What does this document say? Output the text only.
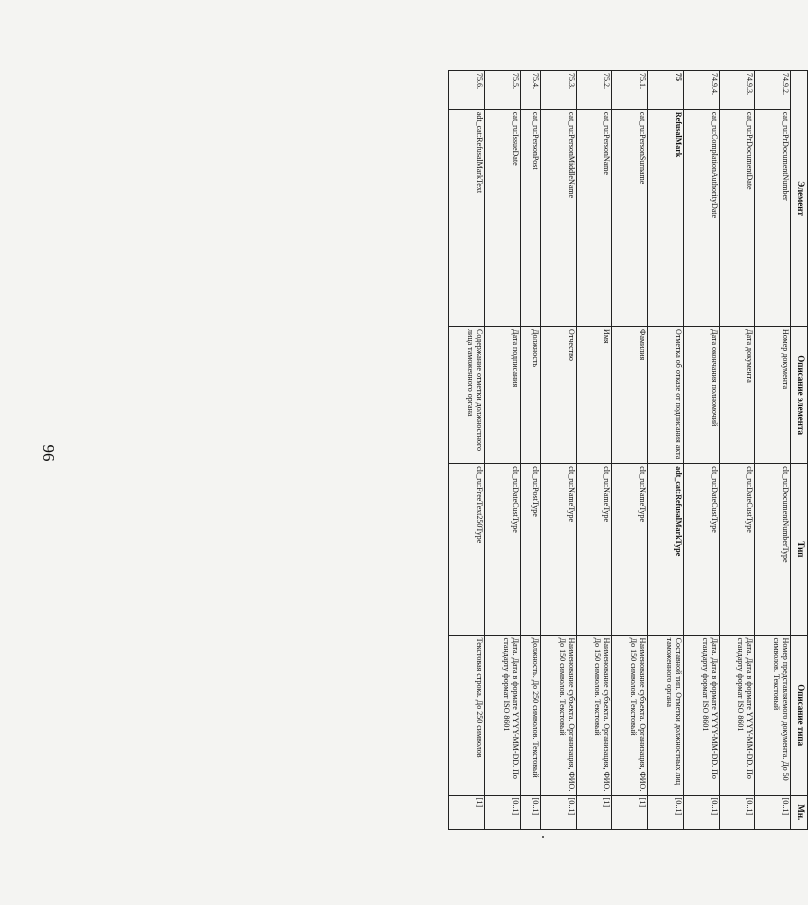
96
Элемент		Описание элемента	Тип	Описание типа	Мн.
74.9.2.	cat_ru:PrDocumentNumber	Номер документа	clt_ru:DocumentNumberType	Номер представляемого документа. До 50 символов. Текстовый	[0..1]
74.9.3.	cat_ru:PrDocumentDate	Дата документа	clt_ru:DateCustType	Дата. Дата в формате YYYY-MM-DD. По стандарту формат ISO 8601	[0..1]
74.9.4.	cat_ru:ComplationAuthorityDate	Дата окончания полномочий	clt_ru:DateCustType	Дата. Дата в формате YYYY-MM-DD. По стандарту формат ISO 8601	[0..1]
75	RefusalMark	Отметка об отказе от подписания акта	adt_cat:RefusalMarkType	Составной тип. Отметки должностных лиц таможенного органа	[0..1]
75.1.	cat_ru:PersonSurname	Фамилия	clt_ru:NameType	Наименование субъекта. Организация, ФИО. До 150 символов. Текстовый	[1]
75.2.	cat_ru:PersonName	Имя	clt_ru:NameType	Наименование субъекта. Организация, ФИО. До 150 символов. Текстовый	[1]
75.3.	cat_ru:PersonMiddleName	Отчество	clt_ru:NameType	Наименование субъекта. Организация, ФИО. До 150 символов. Текстовый	[0..1]
75.4.	cat_ru:PersonPost	Должность	clt_ru:PostType	Должность. До 250 символов. Текстовый	[0..1]
75.5.	cat_ru:IssueDate	Дата подписания	clt_ru:DateCustType	Дата. Дата в формате YYYY-MM-DD. По стандарту формат ISO 8601	[0..1]
75.6.	adt_cat:RefusalMarkText	Содержание отметки должностного лица таможенного органа	clt_ru:FreeText250Type	Текстовая строка. До 250 символов	[1]
